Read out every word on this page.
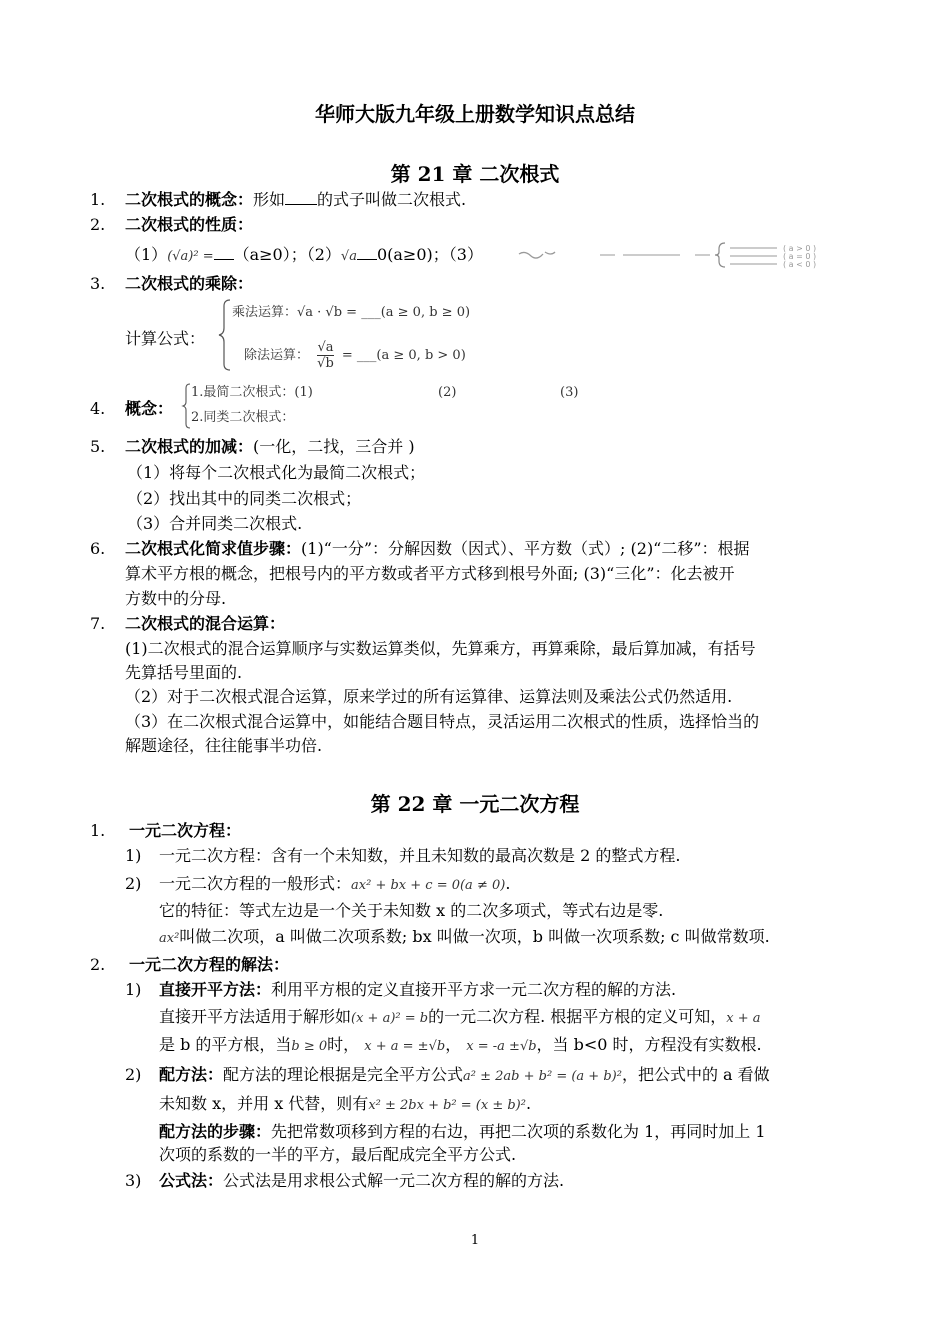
华师大版九年级上册数学知识点总结
第 21 章 二次根式
1. 二次根式的概念：形如 的式子叫做二次根式.
2. 二次根式的性质：
（1）(√a)² = （a≥0）；（2）√a 0(a≥0)；（3）	( a > 0 )
( a = 0 )
( a < 0 )
3. 二次根式的乘除：
计算公式：
乘法运算：√a · √b = ___(a ≥ 0, b ≥ 0)
除法运算： $\frac{√a}{√b}$ = ___(a ≥ 0, b > 0)
4. 概念：
1.最简二次根式：(1)	(2)	(3)
2.同类二次根式：
5. 二次根式的加减：(一化，二找，三合并 )
（1）将每个二次根式化为最简二次根式；
（2）找出其中的同类二次根式；
（3）合并同类二次根式.
6. 二次根式化简求值步骤：(1)“一分”：分解因数（因式）、平方数（式）; (2)“二移”：根据
算术平方根的概念，把根号内的平方数或者平方式移到根号外面; (3)“三化”：化去被开
方数中的分母.
7. 二次根式的混合运算：
(1)二次根式的混合运算顺序与实数运算类似，先算乘方，再算乘除，最后算加减，有括号
先算括号里面的.
（2）对于二次根式混合运算，原来学过的所有运算律、运算法则及乘法公式仍然适用.
（3）在二次根式混合运算中，如能结合题目特点，灵活运用二次根式的性质，选择恰当的
解题途径，往往能事半功倍.
第 22 章 一元二次方程
1. 一元二次方程：
1) 一元二次方程：含有一个未知数，并且未知数的最高次数是 2 的整式方程.
2) 一元二次方程的一般形式：ax² + bx + c = 0(a ≠ 0).
它的特征：等式左边是一个关于未知数 x 的二次多项式，等式右边是零.
ax²叫做二次项，a 叫做二次项系数; bx 叫做一次项，b 叫做一次项系数; c 叫做常数项.
2. 一元二次方程的解法：
1) 直接开平方法：利用平方根的定义直接开平方求一元二次方程的解的方法.
直接开平方法适用于解形如(x + a)² = b的一元二次方程. 根据平方根的定义可知，x + a
是 b 的平方根，当b ≥ 0时， x + a = ±√b， x = -a ±√b，当 b<0 时，方程没有实数根.
2) 配方法：配方法的理论根据是完全平方公式a² ± 2ab + b² = (a + b)²，把公式中的 a 看做
未知数 x，并用 x 代替，则有x² ± 2bx + b² = (x ± b)².
配方法的步骤：先把常数项移到方程的右边，再把二次项的系数化为 1，再同时加上 1
次项的系数的一半的平方，最后配成完全平方公式.
3) 公式法：公式法是用求根公式解一元二次方程的解的方法.
1
